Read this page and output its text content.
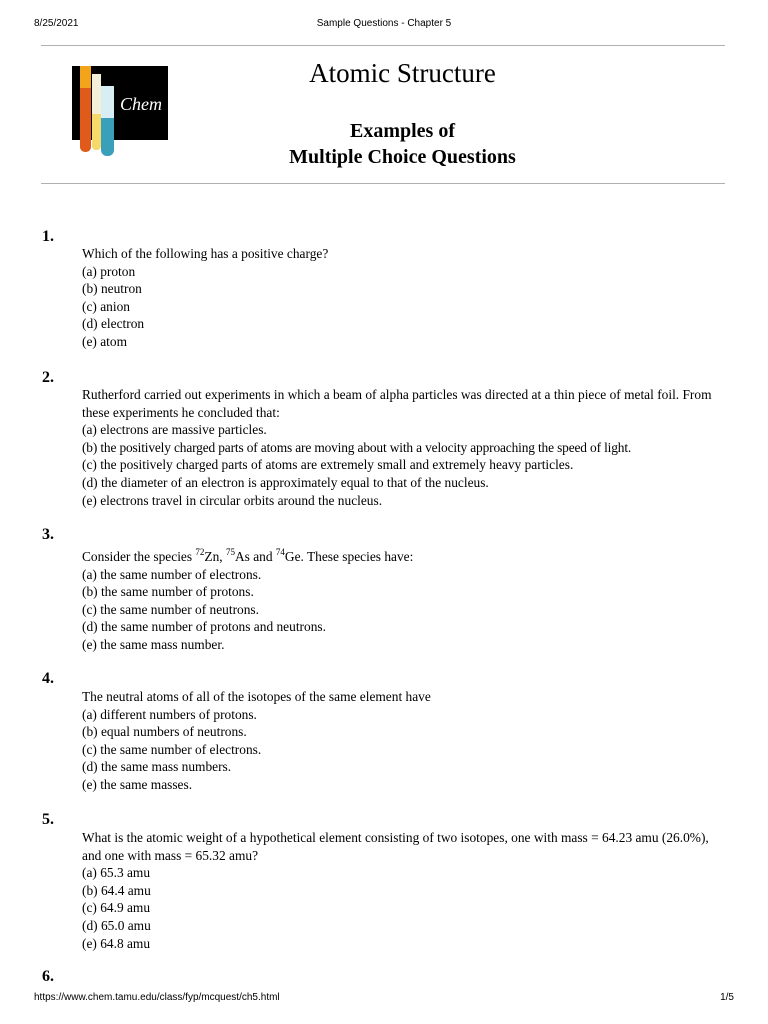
8/25/2021	Sample Questions - Chapter 5
Chem
Atomic Structure
Examples of
Multiple Choice Questions
1.
Which of the following has a positive charge?
(a) proton
(b) neutron
(c) anion
(d) electron
(e) atom
2.
Rutherford carried out experiments in which a beam of alpha particles was directed at a thin piece of metal foil. From these experiments he concluded that:
(a) electrons are massive particles.
(b) the positively charged parts of atoms are moving about with a velocity approaching the speed of light.
(c) the positively charged parts of atoms are extremely small and extremely heavy particles.
(d) the diameter of an electron is approximately equal to that of the nucleus.
(e) electrons travel in circular orbits around the nucleus.
3.
Consider the species $^{72}$Zn, $^{75}$As and $^{74}$Ge. These species have:
(a) the same number of electrons.
(b) the same number of protons.
(c) the same number of neutrons.
(d) the same number of protons and neutrons.
(e) the same mass number.
4.
The neutral atoms of all of the isotopes of the same element have
(a) different numbers of protons.
(b) equal numbers of neutrons.
(c) the same number of electrons.
(d) the same mass numbers.
(e) the same masses.
5.
What is the atomic weight of a hypothetical element consisting of two isotopes, one with mass = 64.23 amu (26.0%), and one with mass = 65.32 amu?
(a) 65.3 amu
(b) 64.4 amu
(c) 64.9 amu
(d) 65.0 amu
(e) 64.8 amu
6.
https://www.chem.tamu.edu/class/fyp/mcquest/ch5.html	1/5
